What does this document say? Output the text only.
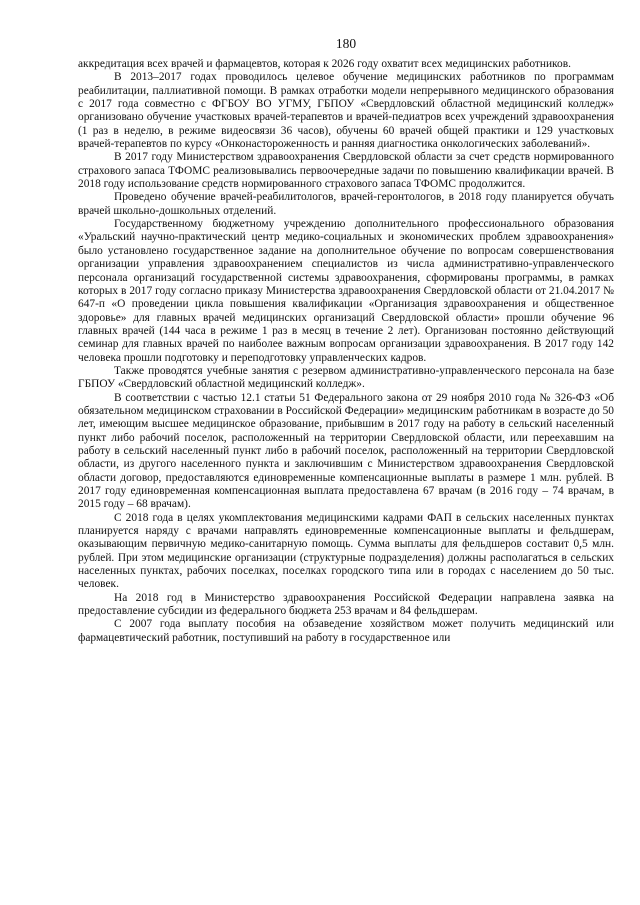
180

аккредитация всех врачей и фармацевтов, которая к 2026 году охватит всех медицинских работников.

В 2013–2017 годах проводилось целевое обучение медицинских работников по программам реабилитации, паллиативной помощи. В рамках отработки модели непрерывного медицинского образования с 2017 года совместно с ФГБОУ ВО УГМУ, ГБПОУ «Свердловский областной медицинский колледж» организовано обучение участковых врачей-терапевтов и врачей-педиатров всех учреждений здравоохранения (1 раз в неделю, в режиме видеосвязи 36 часов), обучены 60 врачей общей практики и 129 участковых врачей-терапевтов по курсу «Онконастороженность и ранняя диагностика онкологических заболеваний».

В 2017 году Министерством здравоохранения Свердловской области за счет средств нормированного страхового запаса ТФОМС реализовывались первоочередные задачи по повышению квалификации врачей. В 2018 году использование средств нормированного страхового запаса ТФОМС продолжится.

Проведено обучение врачей-реабилитологов, врачей-геронтологов, в 2018 году планируется обучать врачей школьно-дошкольных отделений.

Государственному бюджетному учреждению дополнительного профессионального образования «Уральский научно-практический центр медико-социальных и экономических проблем здравоохранения» было установлено государственное задание на дополнительное обучение по вопросам совершенствования организации управления здравоохранением специалистов из числа административно-управленческого персонала организаций государственной системы здравоохранения, сформированы программы, в рамках которых в 2017 году согласно приказу Министерства здравоохранения Свердловской области от 21.04.2017 № 647-п «О проведении цикла повышения квалификации «Организация здравоохранения и общественное здоровье» для главных врачей медицинских организаций Свердловской области» прошли обучение 96 главных врачей (144 часа в режиме 1 раз в месяц в течение 2 лет). Организован постоянно действующий семинар для главных врачей по наиболее важным вопросам организации здравоохранения. В 2017 году 142 человека прошли подготовку и переподготовку управленческих кадров.

Также проводятся учебные занятия с резервом административно-управленческого персонала на базе ГБПОУ «Свердловский областной медицинский колледж».

В соответствии с частью 12.1 статьи 51 Федерального закона от 29 ноября 2010 года № 326-ФЗ «Об обязательном медицинском страховании в Российской Федерации» медицинским работникам в возрасте до 50 лет, имеющим высшее медицинское образование, прибывшим в 2017 году на работу в сельский населенный пункт либо рабочий поселок, расположенный на территории Свердловской области, или переехавшим на работу в сельский населенный пункт либо в рабочий поселок, расположенный на территории Свердловской области, из другого населенного пункта и заключившим с Министерством здравоохранения Свердловской области договор, предоставляются единовременные компенсационные выплаты в размере 1 млн. рублей. В 2017 году единовременная компенсационная выплата предоставлена 67 врачам (в 2016 году – 74 врачам, в 2015 году – 68 врачам).

С 2018 года в целях укомплектования медицинскими кадрами ФАП в сельских населенных пунктах планируется наряду с врачами направлять единовременные компенсационные выплаты и фельдшерам, оказывающим первичную медико-санитарную помощь. Сумма выплаты для фельдшеров составит 0,5 млн. рублей. При этом медицинские организации (структурные подразделения) должны располагаться в сельских населенных пунктах, рабочих поселках, поселках городского типа или в городах с населением до 50 тыс. человек.

На 2018 год в Министерство здравоохранения Российской Федерации направлена заявка на предоставление субсидии из федерального бюджета 253 врачам и 84 фельдшерам.

С 2007 года выплату пособия на обзаведение хозяйством может получить медицинский или фармацевтический работник, поступивший на работу в государственное или
